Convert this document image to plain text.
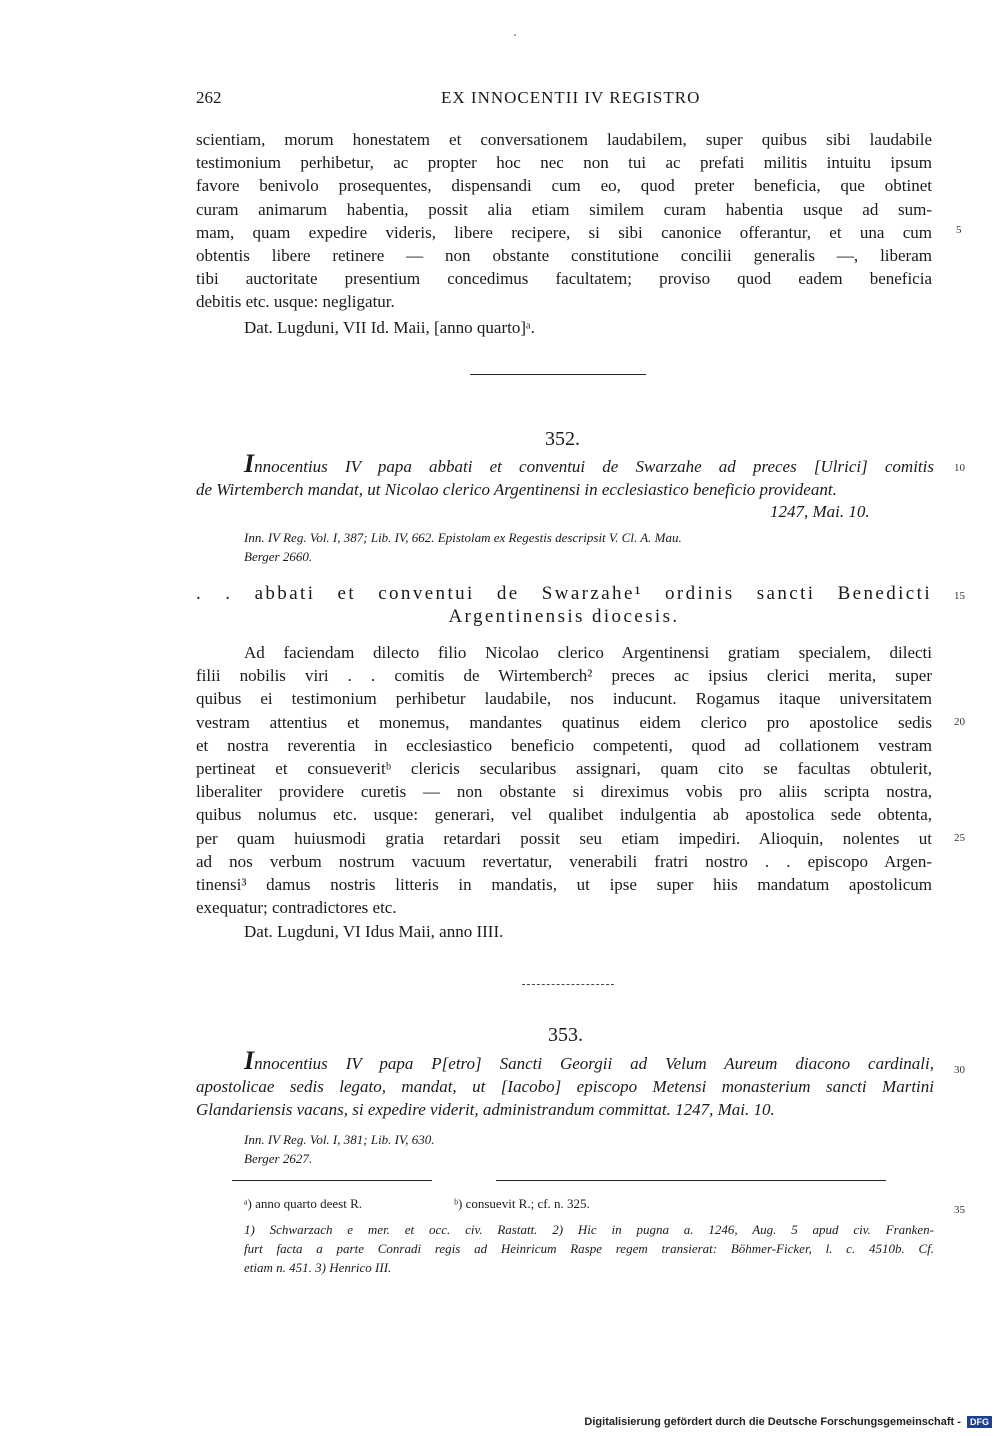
262	EX INNOCENTII IV REGISTRO
scientiam, morum honestatem et conversationem laudabilem, super quibus sibi laudabile
testimonium perhibetur, ac propter hoc nec non tui ac prefati militis intuitu ipsum
favore benivolo prosequentes, dispensandi cum eo, quod preter beneficia, que obtinet
curam animarum habentia, possit alia etiam similem curam habentia usque ad sum-
mam, quam expedire videris, libere recipere, si sibi canonice offerantur, et una cum
obtentis libere retinere — non obstante constitutione concilii generalis —, liberam
tibi auctoritate presentium concedimus facultatem; proviso quod eadem beneficia
debitis etc. usque: negligatur.
Dat. Lugduni, VII Id. Maii, [anno quarto]ᵃ.
352.
Innocentius IV papa abbati et conventui de Swarzahe ad preces [Ulrici] comitis
de Wirtemberch mandat, ut Nicolao clerico Argentinensi in ecclesiastico beneficio provideant.
1247, Mai. 10.
Inn. IV Reg. Vol. I, 387; Lib. IV, 662. Epistolam ex Regestis descripsit V. Cl. A. Mau.
Berger 2660.
. . abbati et conventui de Swarzahe¹ ordinis sancti Benedicti
Argentinensis diocesis.
Ad faciendam dilecto filio Nicolao clerico Argentinensi gratiam specialem, dilecti
filii nobilis viri . . comitis de Wirtemberch² preces ac ipsius clerici merita, super
quibus ei testimonium perhibetur laudabile, nos inducunt. Rogamus itaque universitatem
vestram attentius et monemus, mandantes quatinus eidem clerico pro apostolice sedis
et nostra reverentia in ecclesiastico beneficio competenti, quod ad collationem vestram
pertineat et consueveritᵇ clericis secularibus assignari, quam cito se facultas obtulerit,
liberaliter providere curetis — non obstante si direximus vobis pro aliis scripta nostra,
quibus nolumus etc. usque: generari, vel qualibet indulgentia ab apostolica sede obtenta,
per quam huiusmodi gratia retardari possit seu etiam impediri. Alioquin, nolentes ut
ad nos verbum nostrum vacuum revertatur, venerabili fratri nostro . . episcopo Argen-
tinensi³ damus nostris litteris in mandatis, ut ipse super hiis mandatum apostolicum
exequatur; contradictores etc.
Dat. Lugduni, VI Idus Maii, anno IIII.
353.
Innocentius IV papa P[etro] Sancti Georgii ad Velum Aureum diacono cardinali,
apostolicae sedis legato, mandat, ut [Iacobo] episcopo Metensi monasterium sancti Martini
Glandariensis vacans, si expedire viderit, administrandum committat. 1247, Mai. 10.
Inn. IV Reg. Vol. I, 381; Lib. IV, 630.
Berger 2627.
ᵃ) anno quarto deest R.	ᵇ) consuevit R.; cf. n. 325.
1) Schwarzach e mer. et occ. civ. Rastatt. 2) Hic in pugna a. 1246, Aug. 5 apud civ. Franken-
furt facta a parte Conradi regis ad Heinricum Raspe regem transierat: Böhmer-Ficker, l. c. 4510b. Cf.
etiam n. 451. 3) Henrico III.
5
10
15
20
25
30
35
Digitalisierung gefördert durch die Deutsche Forschungsgemeinschaft - DFG
